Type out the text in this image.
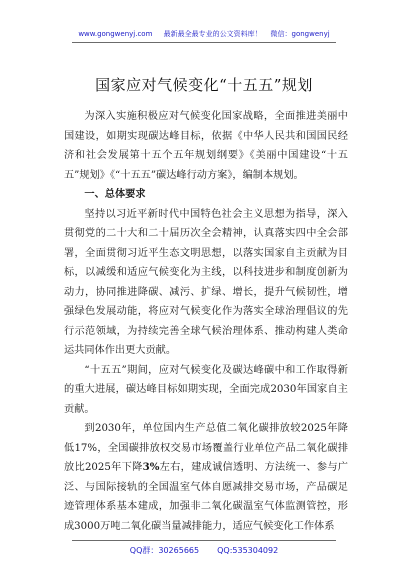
www.gongwenyj.com 最新最全最专业的公文资料库！ 微信：gongwenyj
国家应对气候变化“十五五”规划

为深入实施积极应对气候变化国家战略，全面推进美丽中国建设，如期实现碳达峰目标，依据《中华人民共和国国民经济和社会发展第十五个五年规划纲要》《美丽中国建设“十五五”规划》《“十五五”碳达峰行动方案》，编制本规划。

一、总体要求

坚持以习近平新时代中国特色社会主义思想为指导，深入贯彻党的二十大和二十届历次全会精神，认真落实四中全会部署，全面贯彻习近平生态文明思想，以落实国家自主贡献为目标，以减缓和适应气候变化为主线，以科技进步和制度创新为动力，协同推进降碳、减污、扩绿、增长，提升气候韧性，增强绿色发展动能，将应对气候变化作为落实全球治理倡议的先行示范领域，为持续完善全球气候治理体系、推动构建人类命运共同体作出更大贡献。

“十五五”期间，应对气候变化及碳达峰碳中和工作取得新的重大进展，碳达峰目标如期实现，全面完成2030年国家自主贡献。

到2030年，单位国内生产总值二氧化碳排放较2025年降低17%，全国碳排放权交易市场覆盖行业单位产品二氧化碳排放比2025年下降3%左右，建成诚信透明、方法统一、参与广泛、与国际接轨的全国温室气体自愿减排交易市场，产品碳足迹管理体系基本建成，加强非二氧化碳温室气体监测管控，形成3000万吨二氧化碳当量减排能力，适应气候变化工作体系

QQ群：30265665 QQ:535304092
